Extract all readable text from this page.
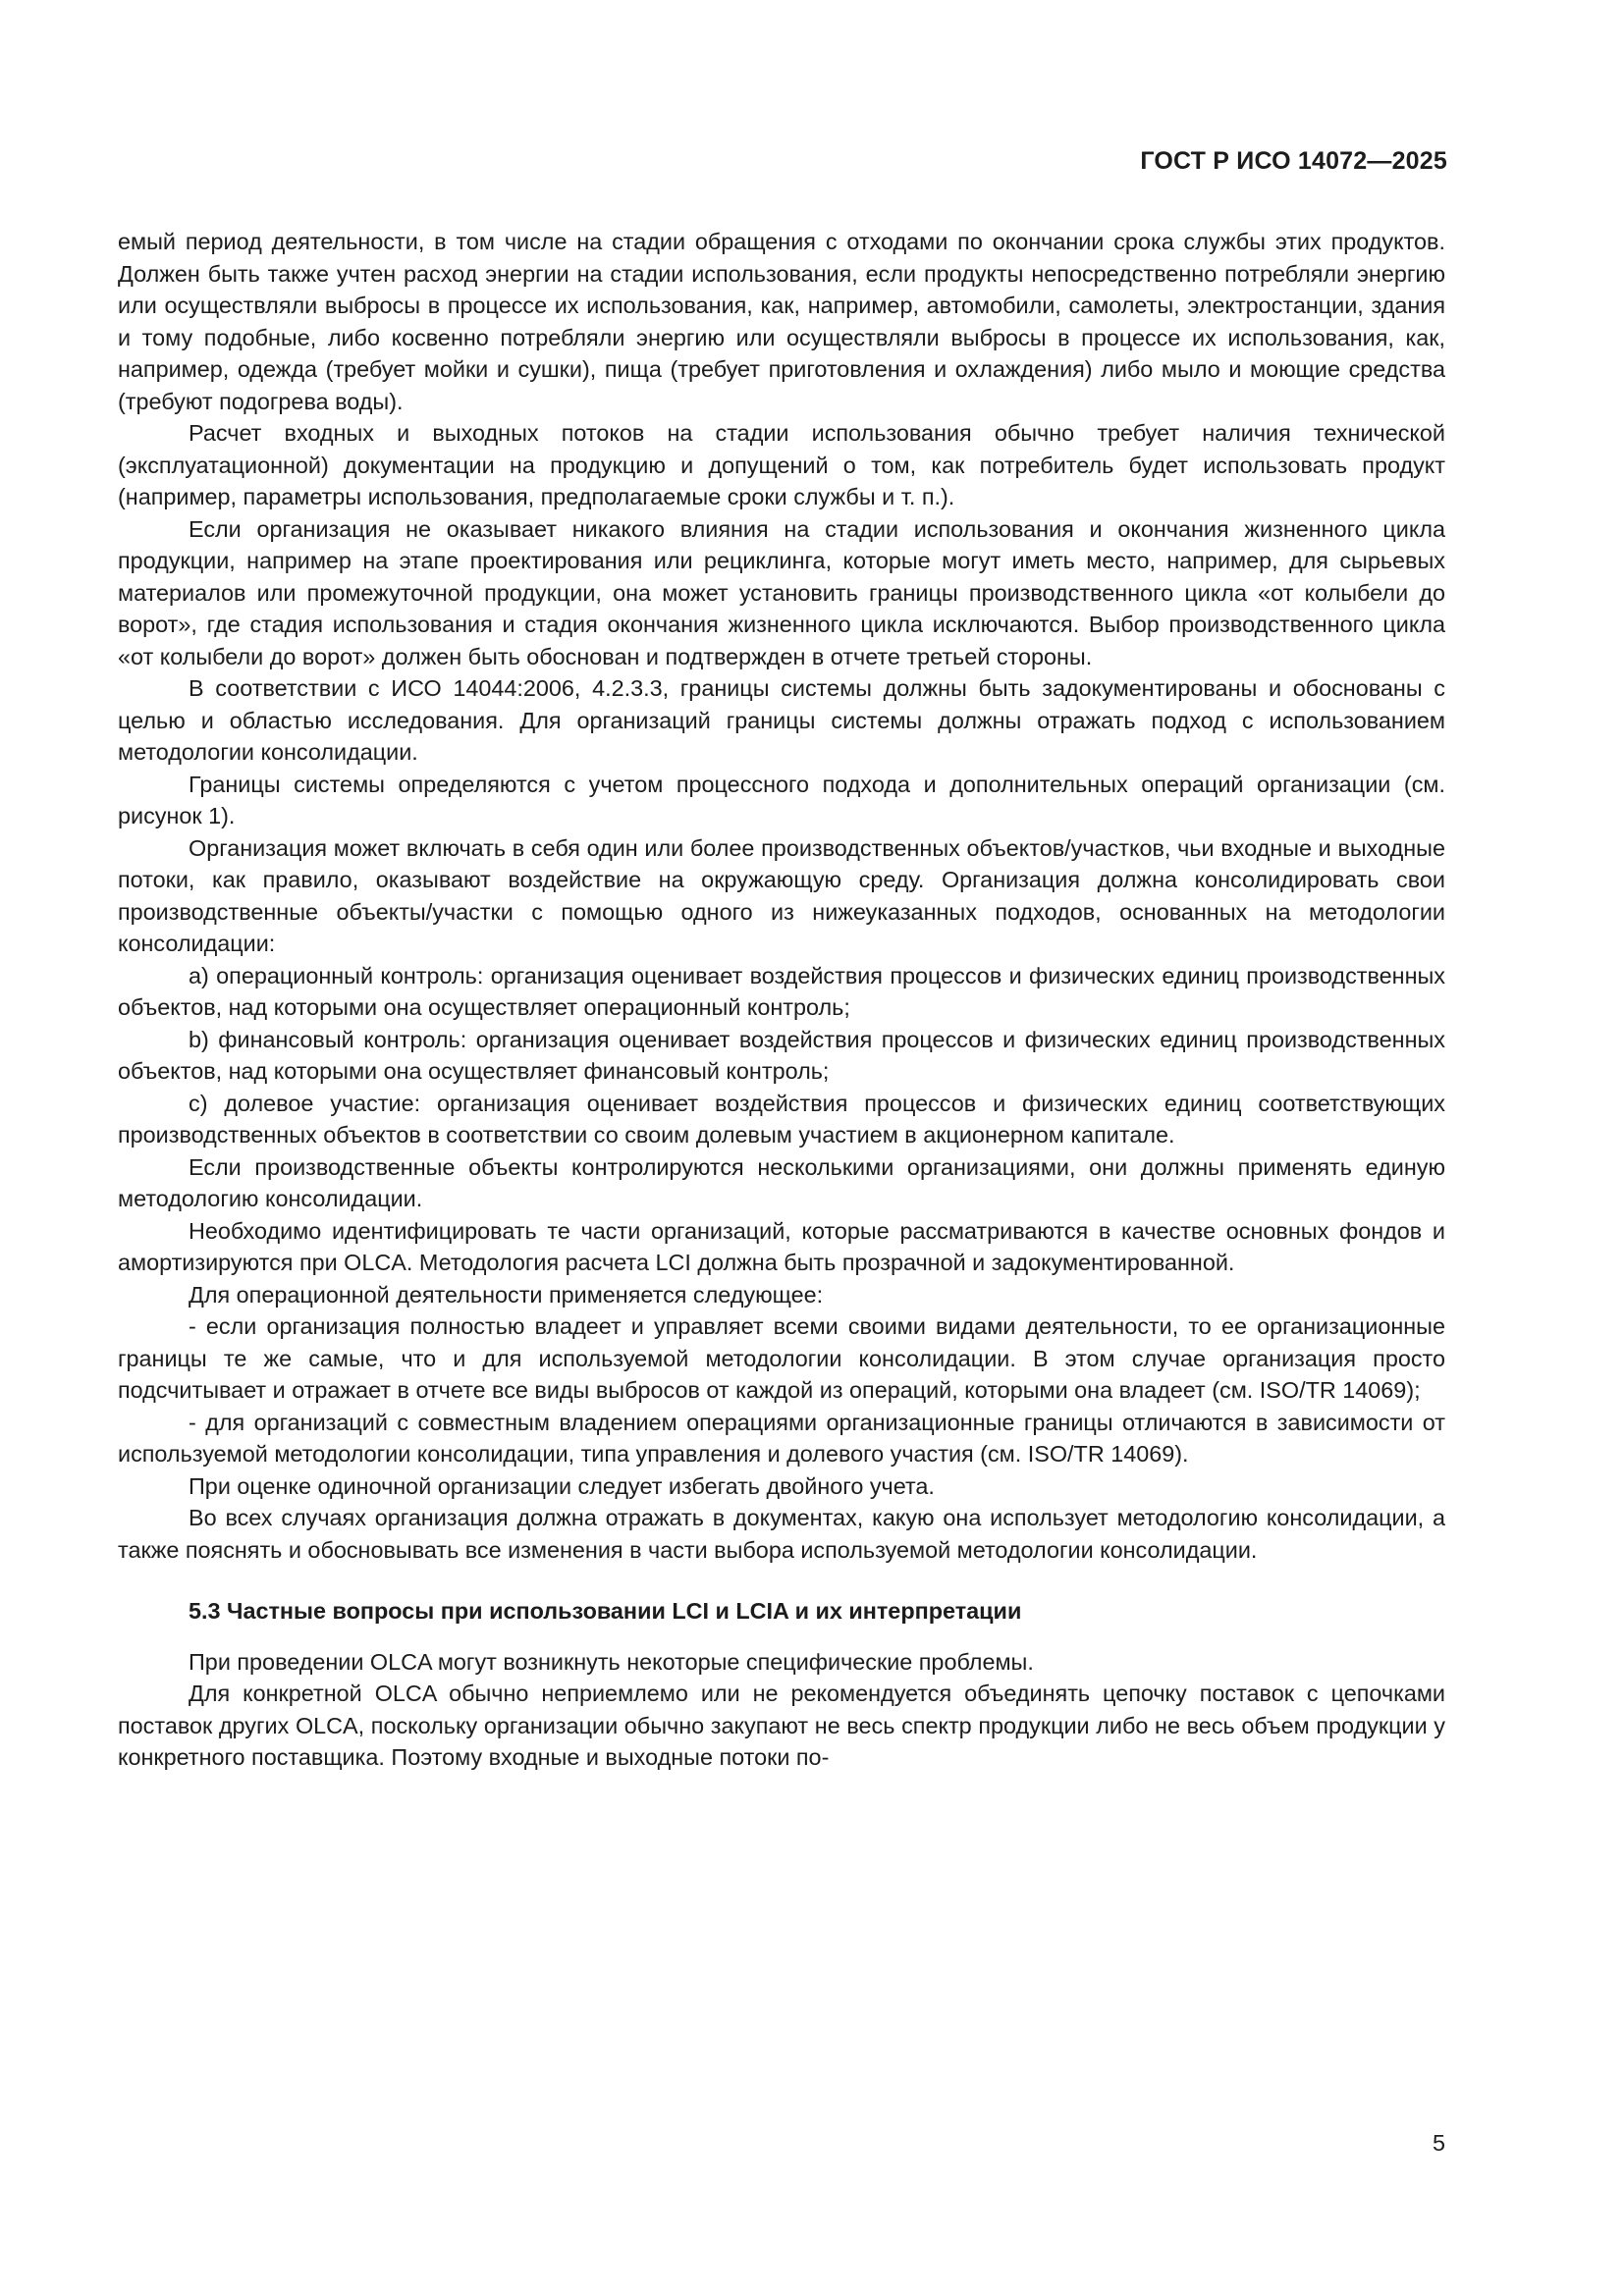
ГОСТ Р ИСО 14072—2025

емый период деятельности, в том числе на стадии обращения с отходами по окончании срока службы этих продуктов. Должен быть также учтен расход энергии на стадии использования, если продукты непосредственно потребляли энергию или осуществляли выбросы в процессе их использования, как, например, автомобили, самолеты, электростанции, здания и тому подобные, либо косвенно потребляли энергию или осуществляли выбросы в процессе их использования, как, например, одежда (требует мойки и сушки), пища (требует приготовления и охлаждения) либо мыло и моющие средства (требуют подогрева воды).

Расчет входных и выходных потоков на стадии использования обычно требует наличия технической (эксплуатационной) документации на продукцию и допущений о том, как потребитель будет использовать продукт (например, параметры использования, предполагаемые сроки службы и т. п.).

Если организация не оказывает никакого влияния на стадии использования и окончания жизненного цикла продукции, например на этапе проектирования или рециклинга, которые могут иметь место, например, для сырьевых материалов или промежуточной продукции, она может установить границы производственного цикла «от колыбели до ворот», где стадия использования и стадия окончания жизненного цикла исключаются. Выбор производственного цикла «от колыбели до ворот» должен быть обоснован и подтвержден в отчете третьей стороны.

В соответствии с ИСО 14044:2006, 4.2.3.3, границы системы должны быть задокументированы и обоснованы с целью и областью исследования. Для организаций границы системы должны отражать подход с использованием методологии консолидации.

Границы системы определяются с учетом процессного подхода и дополнительных операций организации (см. рисунок 1).

Организация может включать в себя один или более производственных объектов/участков, чьи входные и выходные потоки, как правило, оказывают воздействие на окружающую среду. Организация должна консолидировать свои производственные объекты/участки с помощью одного из нижеуказанных подходов, основанных на методологии консолидации:

a) операционный контроль: организация оценивает воздействия процессов и физических единиц производственных объектов, над которыми она осуществляет операционный контроль;

b) финансовый контроль: организация оценивает воздействия процессов и физических единиц производственных объектов, над которыми она осуществляет финансовый контроль;

c) долевое участие: организация оценивает воздействия процессов и физических единиц соответствующих производственных объектов в соответствии со своим долевым участием в акционерном капитале.

Если производственные объекты контролируются несколькими организациями, они должны применять единую методологию консолидации.

Необходимо идентифицировать те части организаций, которые рассматриваются в качестве основных фондов и амортизируются при OLCA. Методология расчета LCI должна быть прозрачной и задокументированной.

Для операционной деятельности применяется следующее:

- если организация полностью владеет и управляет всеми своими видами деятельности, то ее организационные границы те же самые, что и для используемой методологии консолидации. В этом случае организация просто подсчитывает и отражает в отчете все виды выбросов от каждой из операций, которыми она владеет (см. ISO/TR 14069);

- для организаций с совместным владением операциями организационные границы отличаются в зависимости от используемой методологии консолидации, типа управления и долевого участия (см. ISO/TR 14069).

При оценке одиночной организации следует избегать двойного учета.

Во всех случаях организация должна отражать в документах, какую она использует методологию консолидации, а также пояснять и обосновывать все изменения в части выбора используемой методологии консолидации.

5.3 Частные вопросы при использовании LCI и LCIA и их интерпретации

При проведении OLCA могут возникнуть некоторые специфические проблемы.

Для конкретной OLCA обычно неприемлемо или не рекомендуется объединять цепочку поставок с цепочками поставок других OLCA, поскольку организации обычно закупают не весь спектр продукции либо не весь объем продукции у конкретного поставщика. Поэтому входные и выходные потоки по-

5
